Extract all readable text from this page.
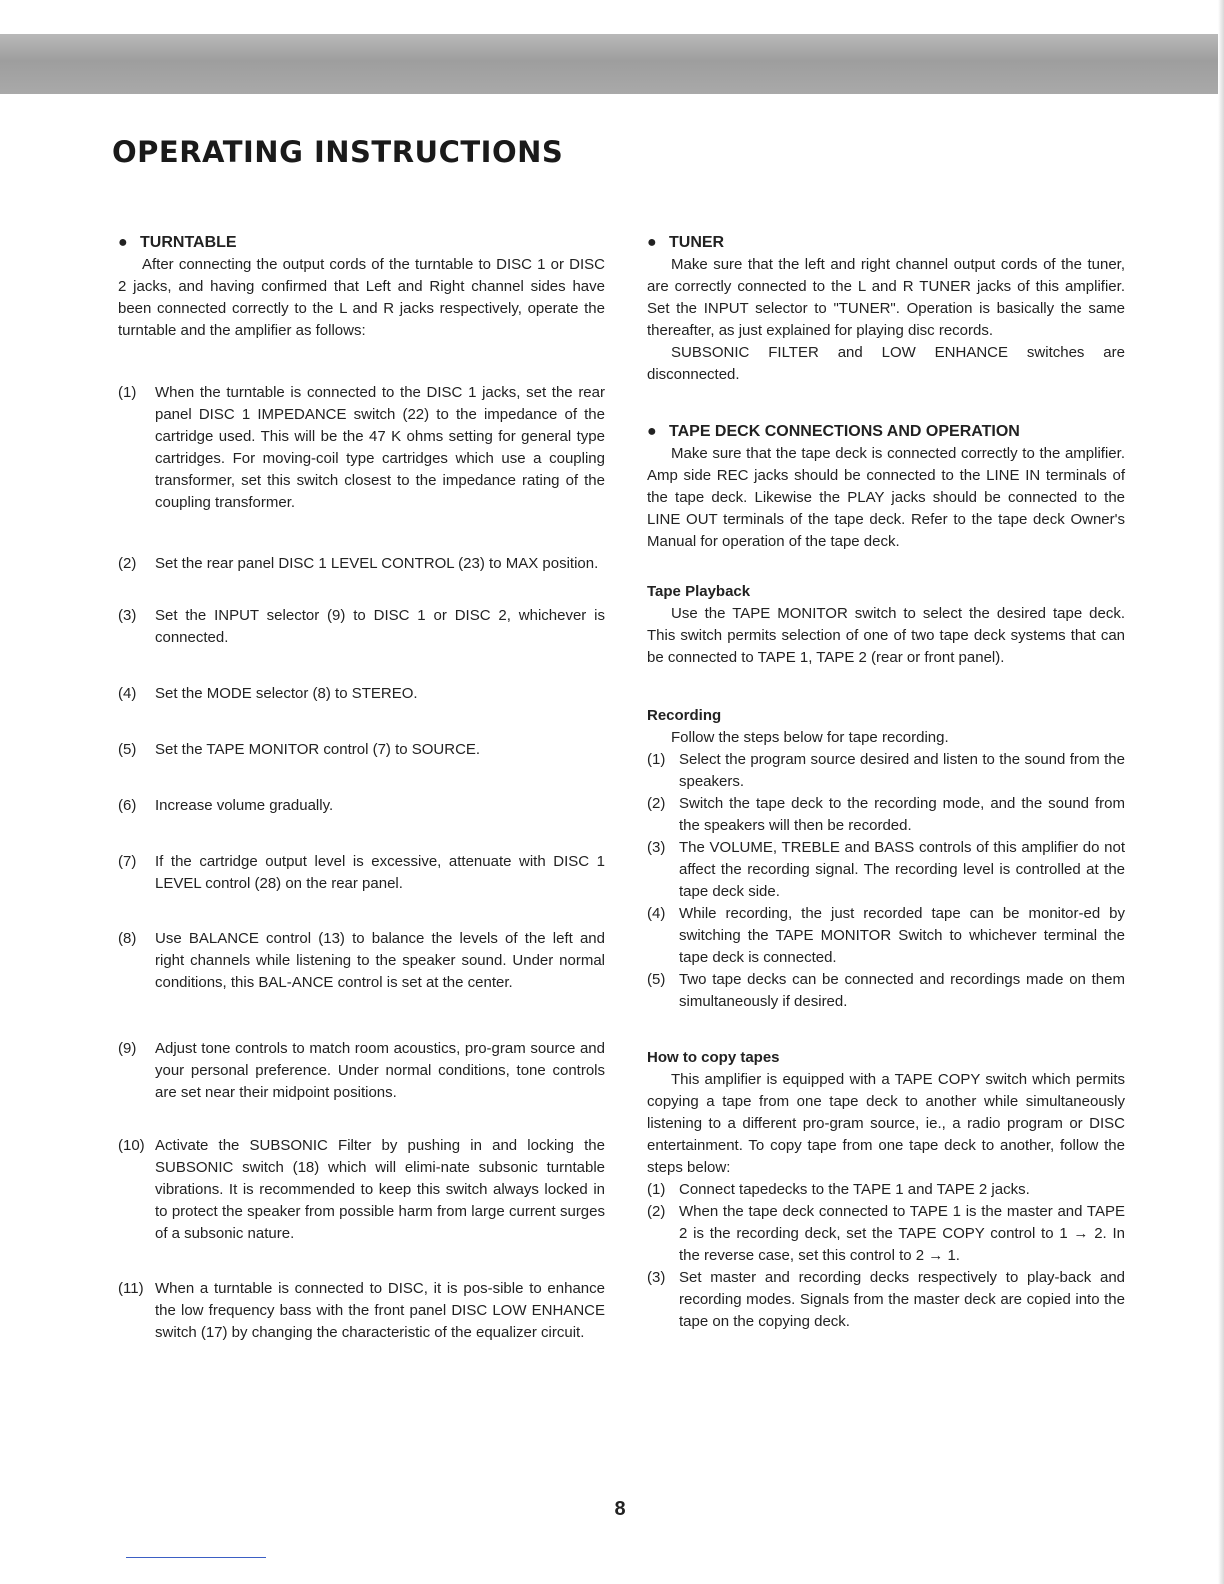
OPERATING INSTRUCTIONS

● TURNTABLE

After connecting the output cords of the turntable to DISC 1 or DISC 2 jacks, and having confirmed that Left and Right channel sides have been connected correctly to the L and R jacks respectively, operate the turntable and the amplifier as follows:

(1)	When the turntable is connected to the DISC 1 jacks, set the rear panel DISC 1 IMPEDANCE switch (22) to the impedance of the cartridge used. This will be the 47 K ohms setting for general type cartridges. For moving-coil type cartridges which use a coupling transformer, set this switch closest to the impedance rating of the coupling transformer.
(2)	Set the rear panel DISC 1 LEVEL CONTROL (23) to MAX position.
(3)	Set the INPUT selector (9) to DISC 1 or DISC 2, whichever is connected.
(4)	Set the MODE selector (8) to STEREO.
(5)	Set the TAPE MONITOR control (7) to SOURCE.
(6)	Increase volume gradually.
(7)	If the cartridge output level is excessive, attenuate with DISC 1 LEVEL control (28) on the rear panel.
(8)	Use BALANCE control (13) to balance the levels of the left and right channels while listening to the speaker sound. Under normal conditions, this BAL-ANCE control is set at the center.
(9)	Adjust tone controls to match room acoustics, pro-gram source and your personal preference. Under normal conditions, tone controls are set near their midpoint positions.
(10) Activate the SUBSONIC Filter by pushing in and locking the SUBSONIC switch (18) which will elimi-nate subsonic turntable vibrations. It is recommended to keep this switch always locked in to protect the speaker from possible harm from large current surges of a subsonic nature.
(11) When a turntable is connected to DISC, it is pos-sible to enhance the low frequency bass with the front panel DISC LOW ENHANCE switch (17) by changing the characteristic of the equalizer circuit.

● TUNER

Make sure that the left and right channel output cords of the tuner, are correctly connected to the L and R TUNER jacks of this amplifier. Set the INPUT selector to "TUNER". Operation is basically the same thereafter, as just explained for playing disc records.

SUBSONIC FILTER and LOW ENHANCE switches are disconnected.

● TAPE DECK CONNECTIONS AND OPERATION

Make sure that the tape deck is connected correctly to the amplifier. Amp side REC jacks should be connected to the LINE IN terminals of the tape deck. Likewise the PLAY jacks should be connected to the LINE OUT terminals of the tape deck. Refer to the tape deck Owner's Manual for operation of the tape deck.

Tape Playback

Use the TAPE MONITOR switch to select the desired tape deck. This switch permits selection of one of two tape deck systems that can be connected to TAPE 1, TAPE 2 (rear or front panel).

Recording

Follow the steps below for tape recording.

(1) Select the program source desired and listen to the sound from the speakers.
(2) Switch the tape deck to the recording mode, and the sound from the speakers will then be recorded.
(3) The VOLUME, TREBLE and BASS controls of this amplifier do not affect the recording signal. The recording level is controlled at the tape deck side.
(4) While recording, the just recorded tape can be monitor-ed by switching the TAPE MONITOR Switch to whichever terminal the tape deck is connected.
(5) Two tape decks can be connected and recordings made on them simultaneously if desired.

How to copy tapes

This amplifier is equipped with a TAPE COPY switch which permits copying a tape from one tape deck to another while simultaneously listening to a different pro-gram source, ie., a radio program or DISC entertainment. To copy tape from one tape deck to another, follow the steps below:

(1) Connect tapedecks to the TAPE 1 and TAPE 2 jacks.
(2) When the tape deck connected to TAPE 1 is the master and TAPE 2 is the recording deck, set the TAPE COPY control to 1 → 2. In the reverse case, set this control to 2 → 1.
(3) Set master and recording decks respectively to play-back and recording modes. Signals from the master deck are copied into the tape on the copying deck.
8
